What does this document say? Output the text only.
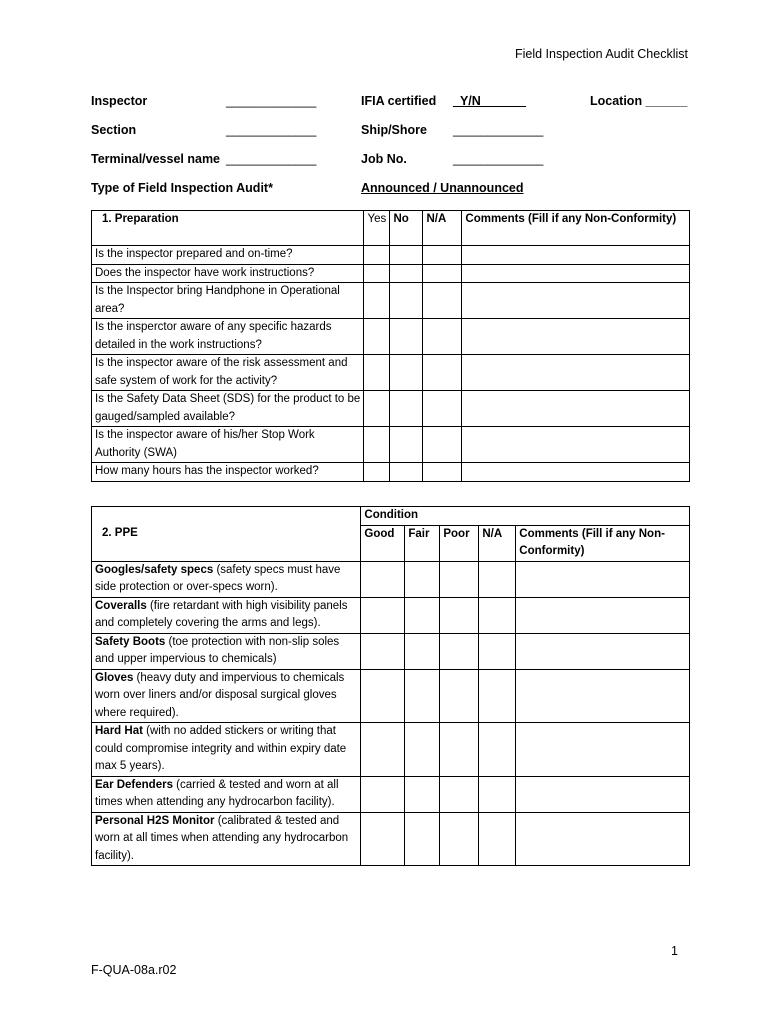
Field Inspection Audit Checklist
Inspector	_____________	IFIA certified _Y/N ______	Location ______
Section	_____________	Ship/Shore _____________
Terminal/vessel name _____________	Job No.	_____________
Type of Field Inspection Audit*	Announced / Unannounced
1. Preparation	Yes	No	N/A	Comments (Fill if any Non-Conformity)
Is the inspector prepared and on-time?				
Does the inspector have work instructions?				
Is the Inspector bring Handphone in Operational area?				
Is the insperctor aware of any specific hazards detailed in the work instructions?				
Is the inspector aware of the risk assessment and safe system of work for the activity?				
Is the Safety Data Sheet (SDS) for the product to be gauged/sampled available?				
Is the inspector aware of his/her Stop Work Authority (SWA)				
How many hours has the inspector worked?				
2. PPE	Condition				
	Good	Fair	Poor	N/A	Comments (Fill if any Non-Conformity)
Googles/safety specs (safety specs must have side protection or over-specs worn).					
Coveralls (fire retardant with high visibility panels and completely covering the arms and legs).					
Safety Boots (toe protection with non-slip soles and upper impervious to chemicals)					
Gloves (heavy duty and impervious to chemicals worn over liners and/or disposal surgical gloves where required).					
Hard Hat (with no added stickers or writing that could compromise integrity and within expiry date max 5 years).					
Ear Defenders (carried & tested and worn at all times when attending any hydrocarbon facility).					
Personal H2S Monitor (calibrated & tested and worn at all times when attending any hydrocarbon facility).					
1
F-QUA-08a.r02
